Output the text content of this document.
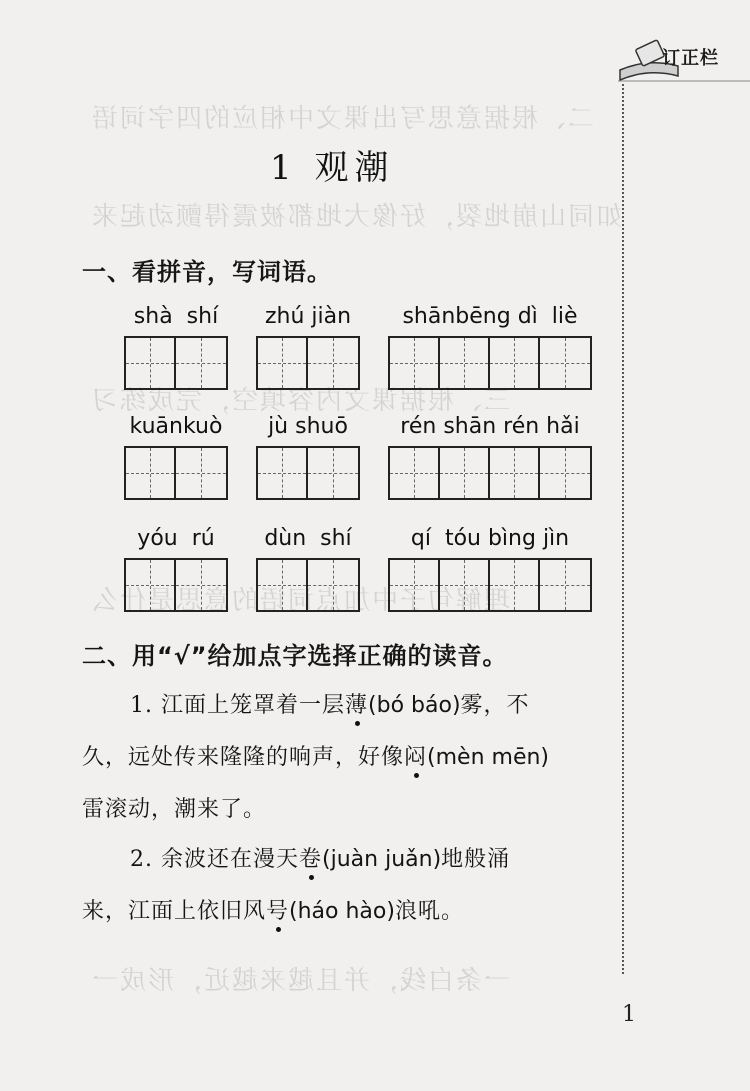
二、根据意思写出课文中相应的四字词语
如同山崩地裂，好像大地都被震得颤动起来
三、根据课文内容填空，完成练习
理解句子中加点词语的意思是什么
一条白线，并且越来越近，形成一
订正栏
1 观潮
一、看拼音，写词语。
shà  shí	zhú jiàn	shānbēng dì  liè
kuānkuò	jù shuō	rén shān rén hǎi
yóu  rú	dùn  shí	qí  tóu bìng jìn
二、用“√”给加点字选择正确的读音。
1. 江面上笼罩着一层薄(bó báo)雾，不
久，远处传来隆隆的响声，好像闷(mèn mēn)
雷滚动，潮来了。
2. 余波还在漫天卷(juàn juǎn)地般涌
来，江面上依旧风号(háo hào)浪吼。
1
